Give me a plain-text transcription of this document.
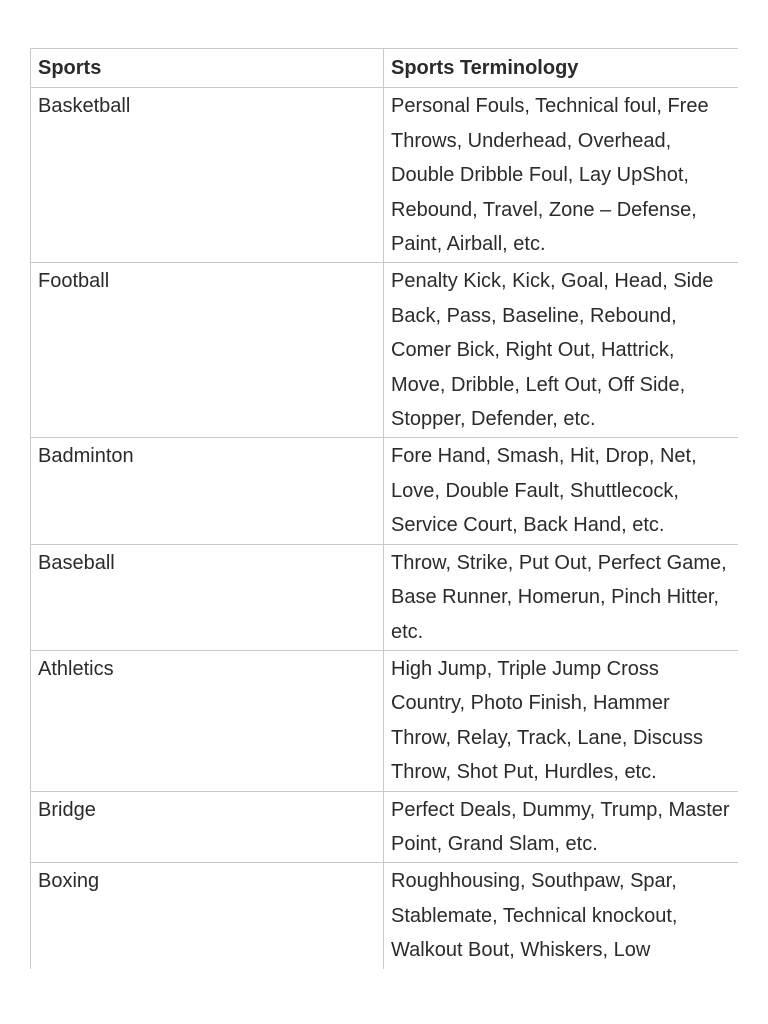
Sports	Sports Terminology
Basketball	Personal Fouls, Technical foul, Free Throws, Underhead, Overhead, Double Dribble Foul, Lay UpShot, Rebound, Travel, Zone – Defense, Paint, Airball, etc.
Football	Penalty Kick, Kick, Goal, Head, Side Back, Pass, Baseline, Rebound, Comer Bick, Right Out, Hattrick, Move, Dribble, Left Out, Off Side, Stopper, Defender, etc.
Badminton	Fore Hand, Smash, Hit, Drop, Net, Love, Double Fault, Shuttlecock, Service Court, Back Hand, etc.
Baseball	Throw, Strike, Put Out, Perfect Game, Base Runner, Homerun, Pinch Hitter, etc.
Athletics	High Jump, Triple Jump Cross Country, Photo Finish, Hammer Throw, Relay, Track, Lane, Discuss Throw, Shot Put, Hurdles, etc.
Bridge	Perfect Deals, Dummy, Trump, Master Point, Grand Slam, etc.
Boxing	Roughhousing, Southpaw, Spar, Stablemate, Technical knockout, Walkout Bout, Whiskers, Low
